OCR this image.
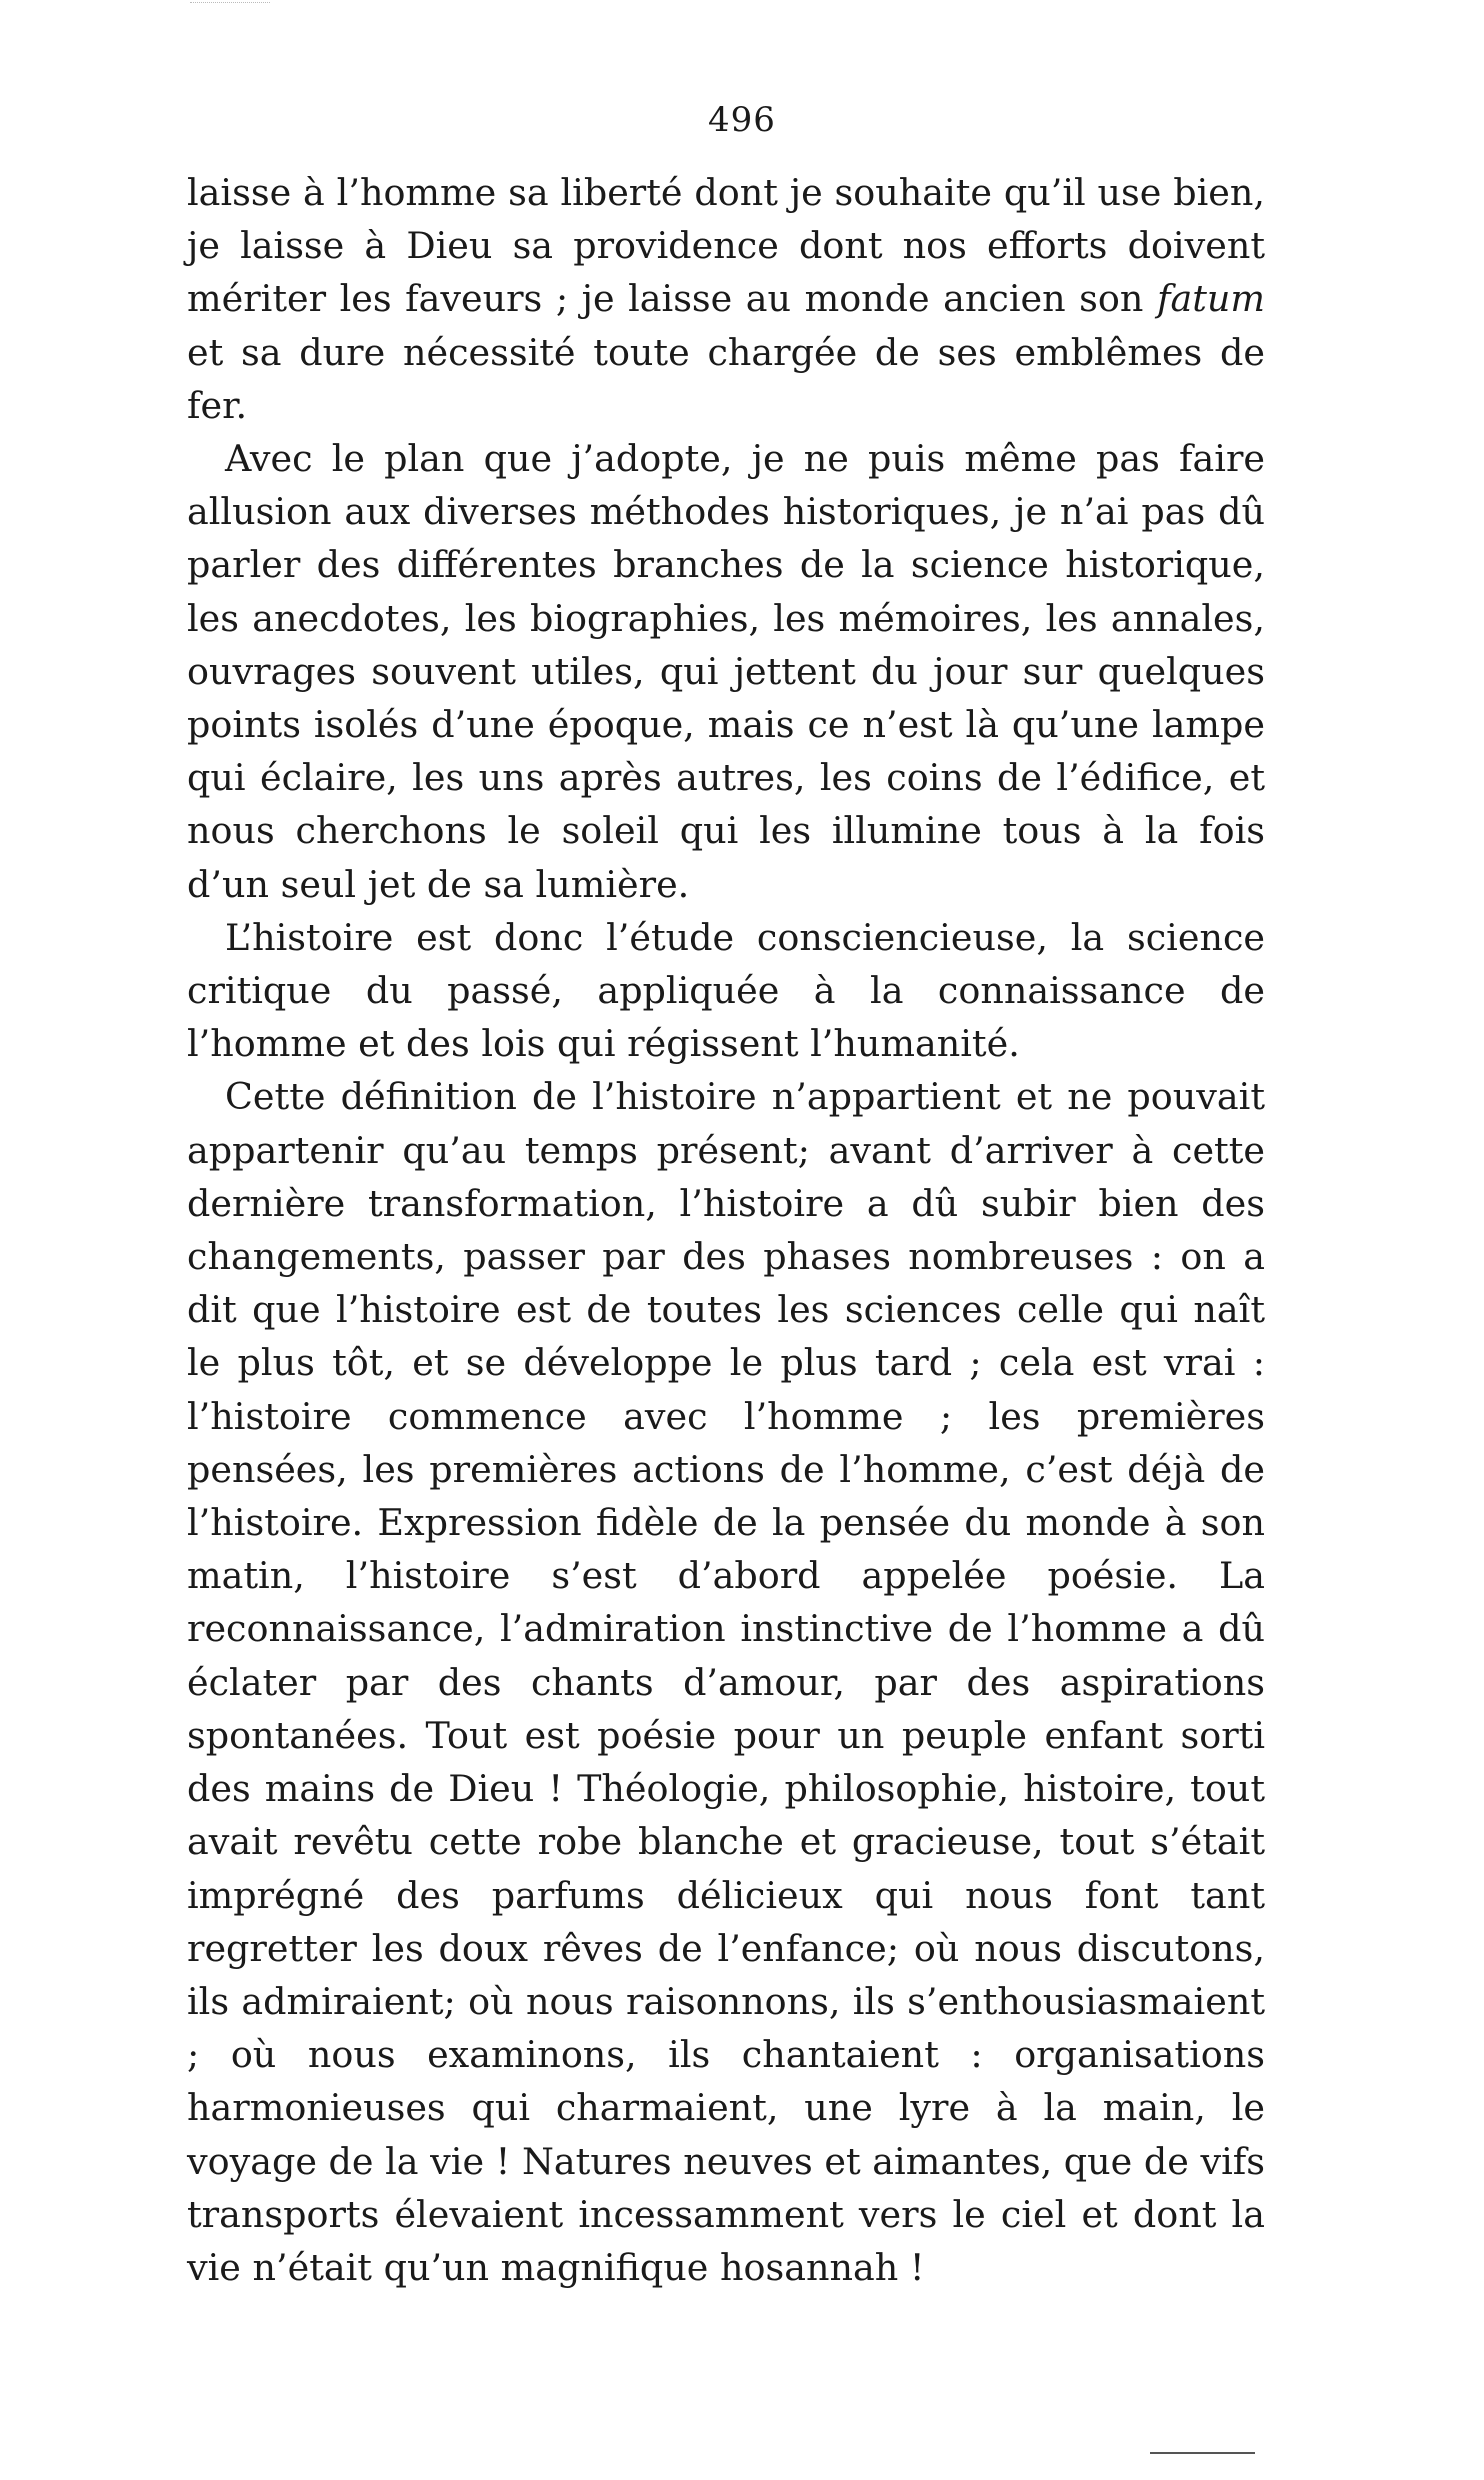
496

laisse à l’homme sa liberté dont je souhaite qu’il use bien, je laisse à Dieu sa providence dont nos efforts doivent mériter les faveurs ; je laisse au monde ancien son fatum et sa dure nécessité toute chargée de ses emblêmes de fer.

Avec le plan que j’adopte, je ne puis même pas faire allusion aux diverses méthodes historiques, je n’ai pas dû parler des différentes branches de la science historique, les anecdotes, les biographies, les mémoires, les annales, ouvrages souvent utiles, qui jettent du jour sur quelques points isolés d’une époque, mais ce n’est là qu’une lampe qui éclaire, les uns après autres, les coins de l’édifice, et nous cherchons le soleil qui les illumine tous à la fois d’un seul jet de sa lumière.

L’histoire est donc l’étude consciencieuse, la science critique du passé, appliquée à la connaissance de l’homme et des lois qui régissent l’humanité.

Cette définition de l’histoire n’appartient et ne pouvait appartenir qu’au temps présent; avant d’arriver à cette dernière transformation, l’histoire a dû subir bien des changements, passer par des phases nombreuses : on a dit que l’histoire est de toutes les sciences celle qui naît le plus tôt, et se développe le plus tard ; cela est vrai : l’histoire commence avec l’homme ; les premières pensées, les premières actions de l’homme, c’est déjà de l’histoire. Expression fidèle de la pensée du monde à son matin, l’histoire s’est d’abord appelée poésie. La reconnaissance, l’admiration instinctive de l’homme a dû éclater par des chants d’amour, par des aspirations spontanées. Tout est poésie pour un peuple enfant sorti des mains de Dieu ! Théologie, philosophie, histoire, tout avait revêtu cette robe blanche et gracieuse, tout s’était imprégné des parfums délicieux qui nous font tant regretter les doux rêves de l’enfance; où nous discutons, ils admiraient; où nous raisonnons, ils s’enthousiasmaient ; où nous examinons, ils chantaient : organisations harmonieuses qui charmaient, une lyre à la main, le voyage de la vie ! Natures neuves et aimantes, que de vifs transports élevaient incessamment vers le ciel et dont la vie n’était qu’un magnifique hosannah !
